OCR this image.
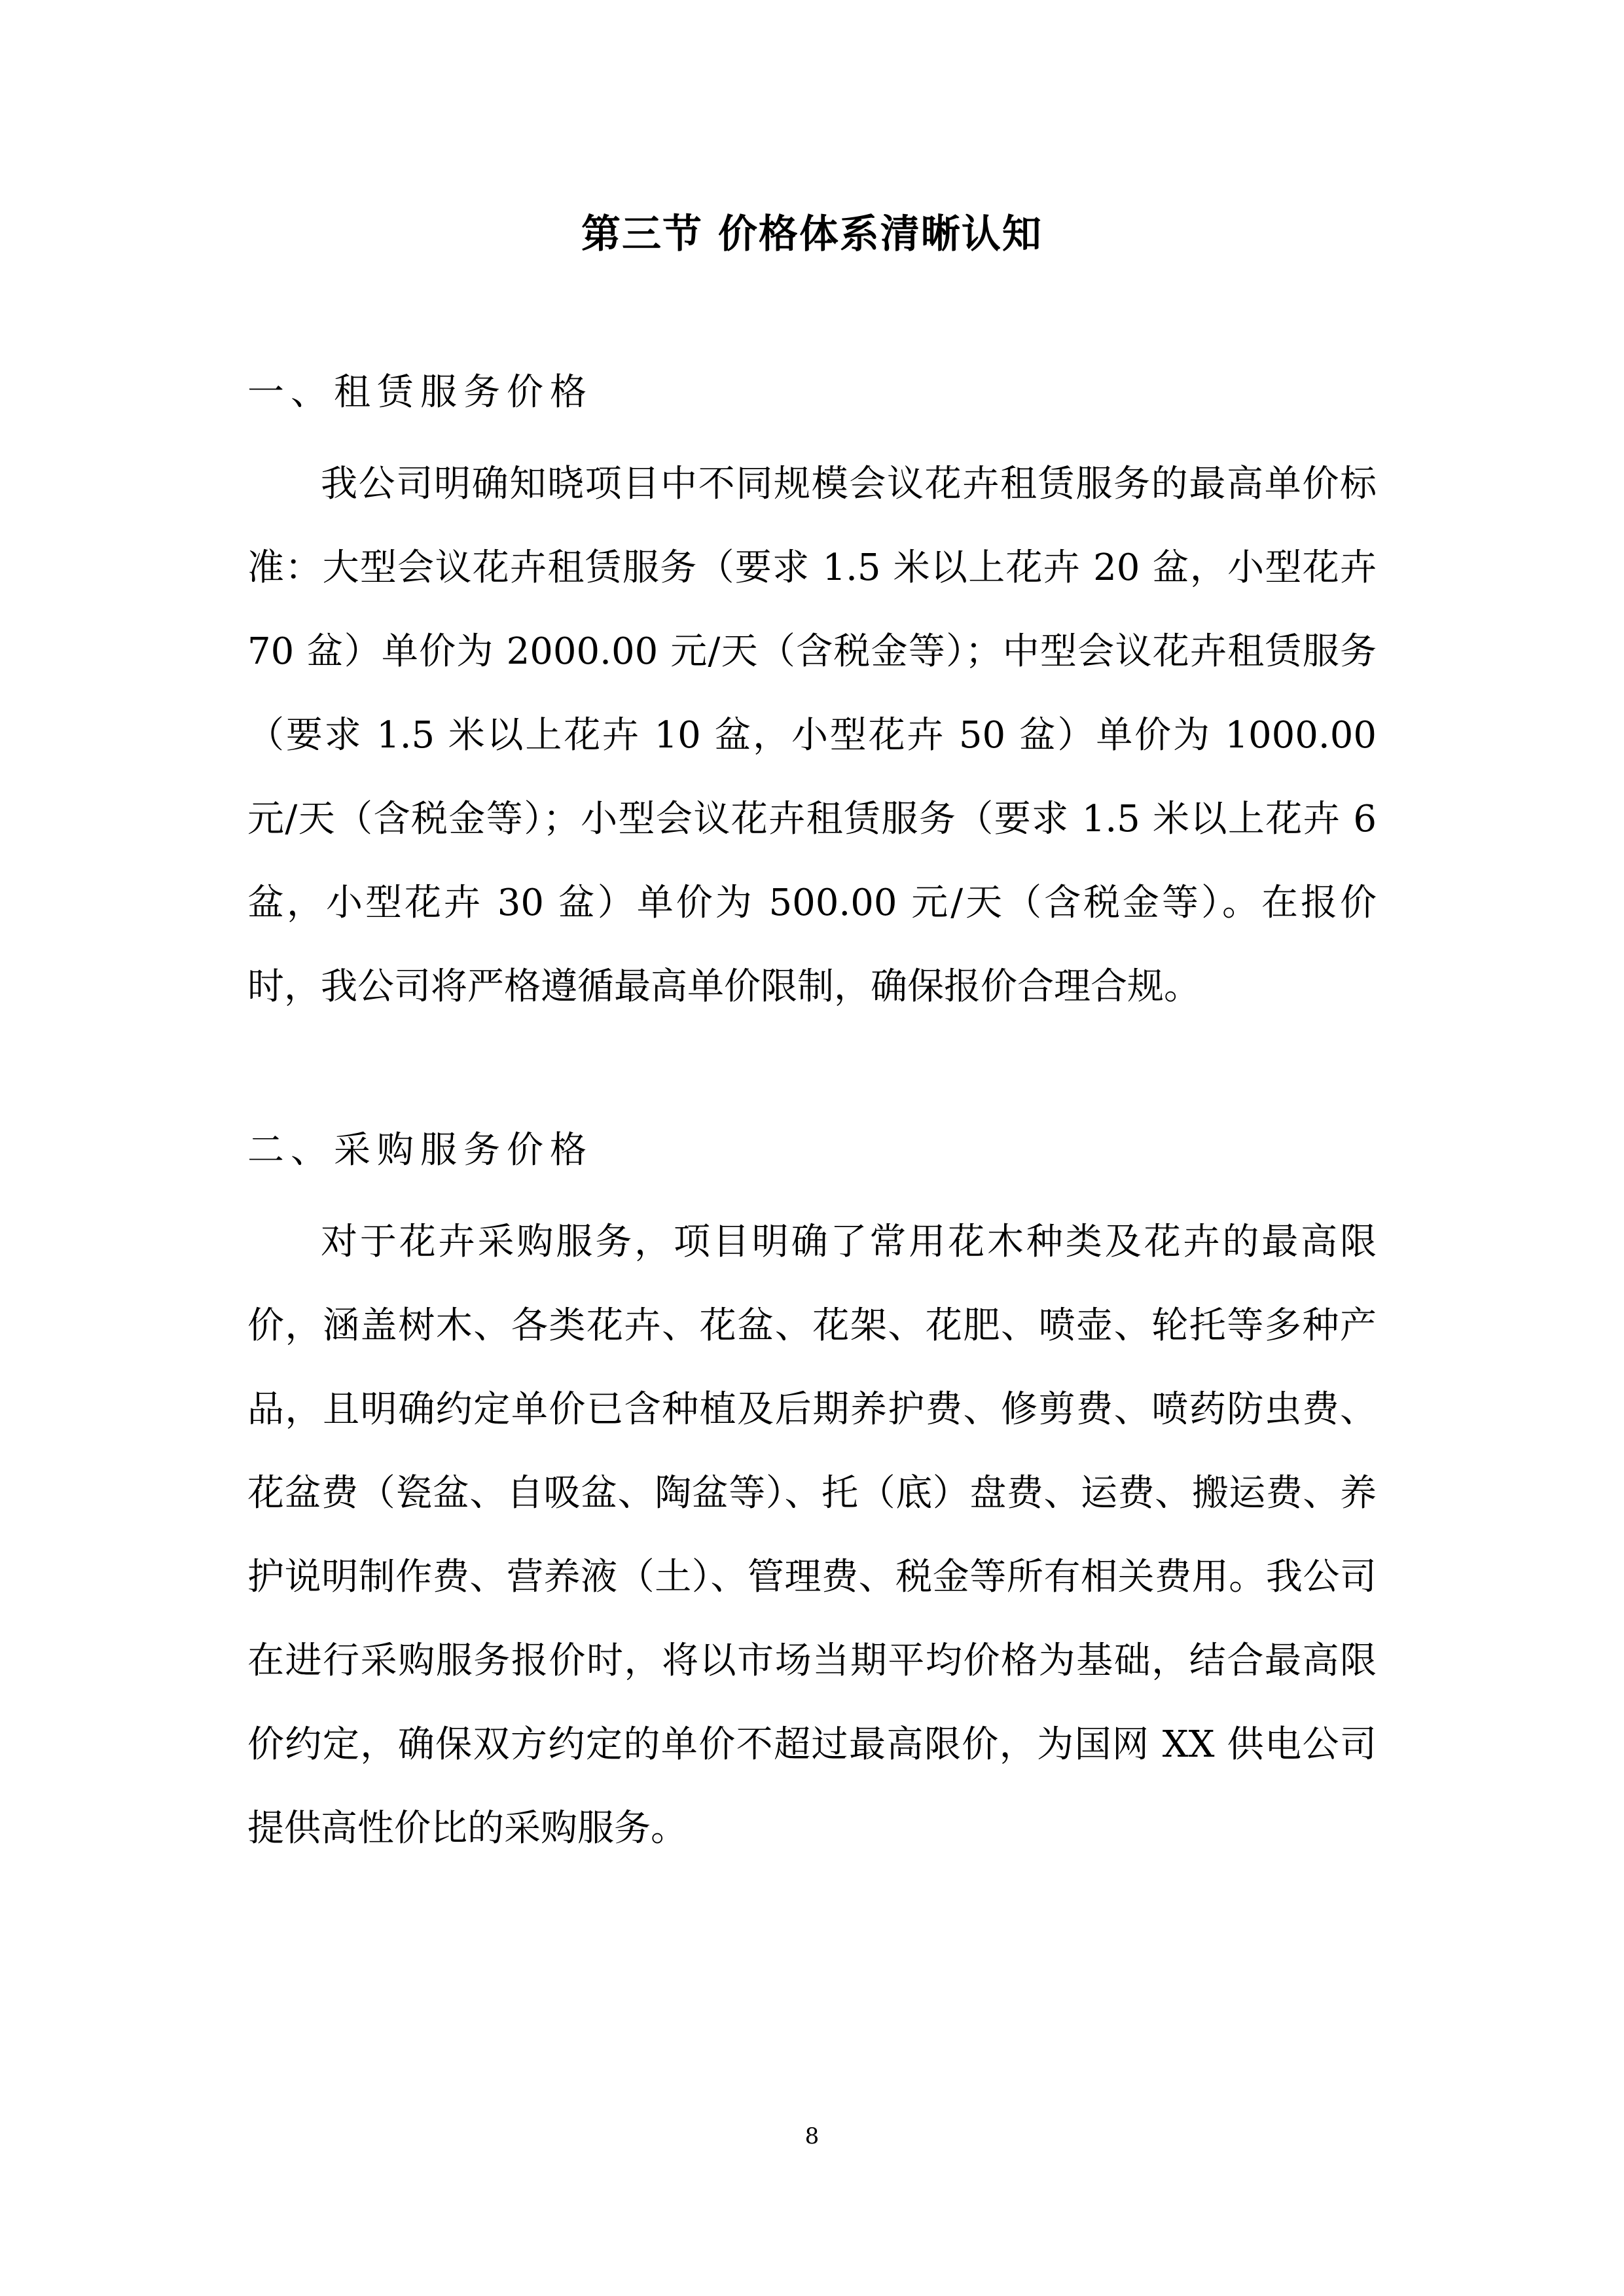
第三节 价格体系清晰认知
一、租赁服务价格
我公司明确知晓项目中不同规模会议花卉租赁服务的最高单价标准：大型会议花卉租赁服务（要求 1.5 米以上花卉 20 盆，小型花卉 70 盆）单价为 2000.00 元/天（含税金等）；中型会议花卉租赁服务（要求 1.5 米以上花卉 10 盆，小型花卉 50 盆）单价为 1000.00 元/天（含税金等）；小型会议花卉租赁服务（要求 1.5 米以上花卉 6 盆，小型花卉 30 盆）单价为 500.00 元/天（含税金等）。在报价时，我公司将严格遵循最高单价限制，确保报价合理合规。
二、采购服务价格
对于花卉采购服务，项目明确了常用花木种类及花卉的最高限价，涵盖树木、各类花卉、花盆、花架、花肥、喷壶、轮托等多种产品，且明确约定单价已含种植及后期养护费、修剪费、喷药防虫费、花盆费（瓷盆、自吸盆、陶盆等）、托（底）盘费、运费、搬运费、养护说明制作费、营养液（土）、管理费、税金等所有相关费用。我公司在进行采购服务报价时，将以市场当期平均价格为基础，结合最高限价约定，确保双方约定的单价不超过最高限价，为国网 XX 供电公司提供高性价比的采购服务。
8
